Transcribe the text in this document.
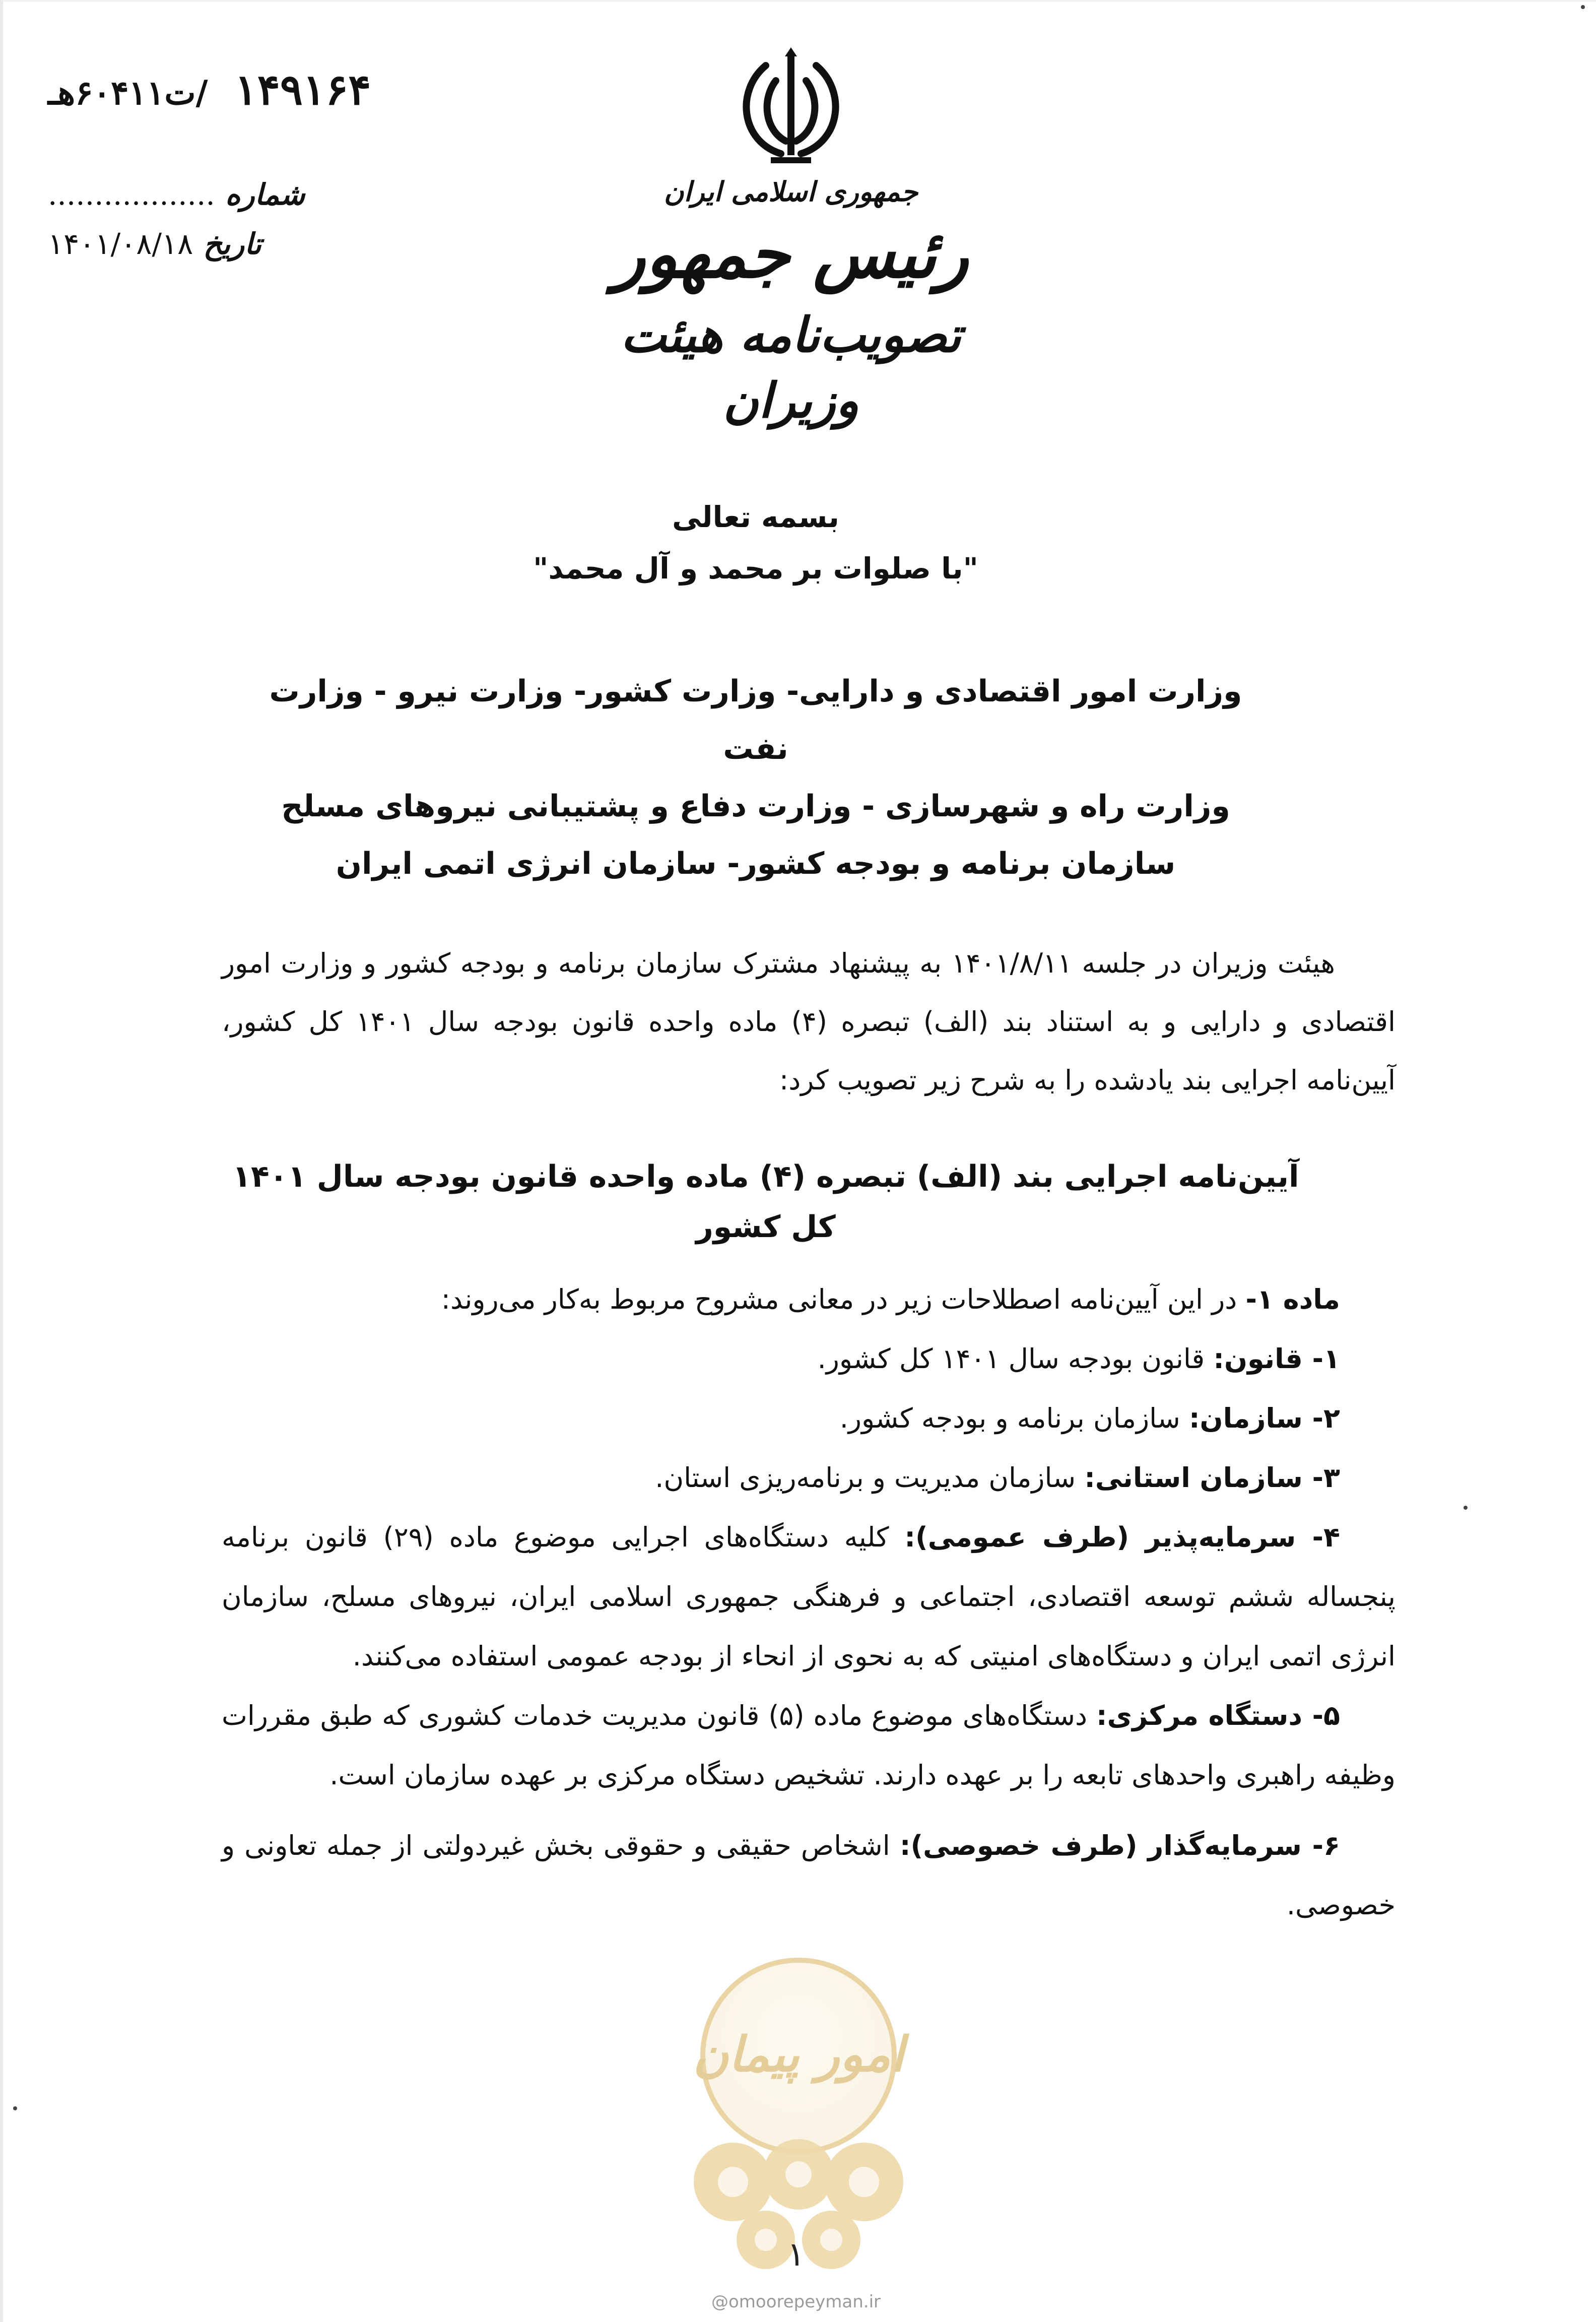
۱۴۹۱۶۴ /ت۶۰۴۱۱هـ
شماره ..................
تاریخ ۱۴۰۱/۰۸/۱۸
جمهوری اسلامی ایران
رئیس جمهور
تصویب‌نامه هیئت وزیران
بسمه تعالی
"با صلوات بر محمد و آل محمد"
وزارت امور اقتصادی و دارایی- وزارت کشور- وزارت نیرو - وزارت نفت
وزارت راه و شهرسازی - وزارت دفاع و پشتیبانی نیروهای مسلح
سازمان برنامه و بودجه کشور- سازمان انرژی اتمی ایران

هیئت وزیران در جلسه ۱۴۰۱/۸/۱۱ به پیشنهاد مشترک سازمان برنامه و بودجه کشور و وزارت امور اقتصادی و دارایی و به استناد بند (الف) تبصره (۴) ماده واحده قانون بودجه سال ۱۴۰۱ کل کشور، آیین‌نامه اجرایی بند یادشده را به شرح زیر تصویب کرد:

آیین‌نامه اجرایی بند (الف) تبصره (۴) ماده واحده قانون بودجه سال ۱۴۰۱ کل کشور

ماده ۱- در این آیین‌نامه اصطلاحات زیر در معانی مشروح مربوط به‌کار می‌روند:

۱- قانون: قانون بودجه سال ۱۴۰۱ کل کشور.

۲- سازمان: سازمان برنامه و بودجه کشور.

۳- سازمان استانی: سازمان مدیریت و برنامه‌ریزی استان.

۴- سرمایه‌پذیر (طرف عمومی): کلیه دستگاه‌های اجرایی موضوع ماده (۲۹) قانون برنامه پنجساله ششم توسعه اقتصادی، اجتماعی و فرهنگی جمهوری اسلامی ایران، نیروهای مسلح، سازمان انرژی اتمی ایران و دستگاه‌های امنیتی که به نحوی از انحاء از بودجه عمومی استفاده می‌کنند.

۵- دستگاه مرکزی: دستگاه‌های موضوع ماده (۵) قانون مدیریت خدمات کشوری که طبق مقررات وظیفه راهبری واحدهای تابعه را بر عهده دارند. تشخیص دستگاه مرکزی بر عهده سازمان است.

۶- سرمایه‌گذار (طرف خصوصی): اشخاص حقیقی و حقوقی بخش غیردولتی از جمله تعاونی و خصوصی.

امور پیمان
@omoorepeyman.ir
۱
